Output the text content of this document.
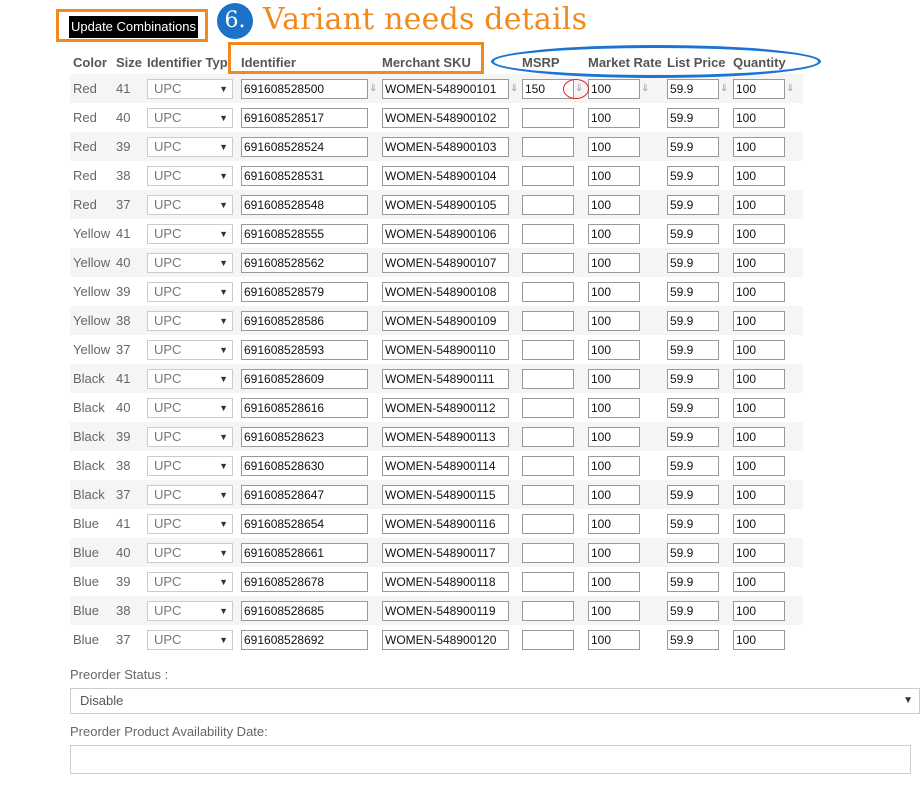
Update Combinations	6. Variant needs details
Color	Size	Identifier Typ	Identifier	Merchant SKU	MSRP	Market Rate	List Price	Quantity
Red	41	UPC ▼	691608528500 ⇓	WOMEN-548900101 ⇓	150 ⇓	100 ⇓	59.9 ⇓	100 ⇓
Red	40	UPC ▼	691608528517	WOMEN-548900102		100	59.9	100
Red	39	UPC ▼	691608528524	WOMEN-548900103		100	59.9	100
Red	38	UPC ▼	691608528531	WOMEN-548900104		100	59.9	100
Red	37	UPC ▼	691608528548	WOMEN-548900105		100	59.9	100
Yellow	41	UPC ▼	691608528555	WOMEN-548900106		100	59.9	100
Yellow	40	UPC ▼	691608528562	WOMEN-548900107		100	59.9	100
Yellow	39	UPC ▼	691608528579	WOMEN-548900108		100	59.9	100
Yellow	38	UPC ▼	691608528586	WOMEN-548900109		100	59.9	100
Yellow	37	UPC ▼	691608528593	WOMEN-548900110		100	59.9	100
Black	41	UPC ▼	691608528609	WOMEN-548900111		100	59.9	100
Black	40	UPC ▼	691608528616	WOMEN-548900112		100	59.9	100
Black	39	UPC ▼	691608528623	WOMEN-548900113		100	59.9	100
Black	38	UPC ▼	691608528630	WOMEN-548900114		100	59.9	100
Black	37	UPC ▼	691608528647	WOMEN-548900115		100	59.9	100
Blue	41	UPC ▼	691608528654	WOMEN-548900116		100	59.9	100
Blue	40	UPC ▼	691608528661	WOMEN-548900117		100	59.9	100
Blue	39	UPC ▼	691608528678	WOMEN-548900118		100	59.9	100
Blue	38	UPC ▼	691608528685	WOMEN-548900119		100	59.9	100
Blue	37	UPC ▼	691608528692	WOMEN-548900120		100	59.9	100
Preorder Status :
Disable	▼
Preorder Product Availability Date:
